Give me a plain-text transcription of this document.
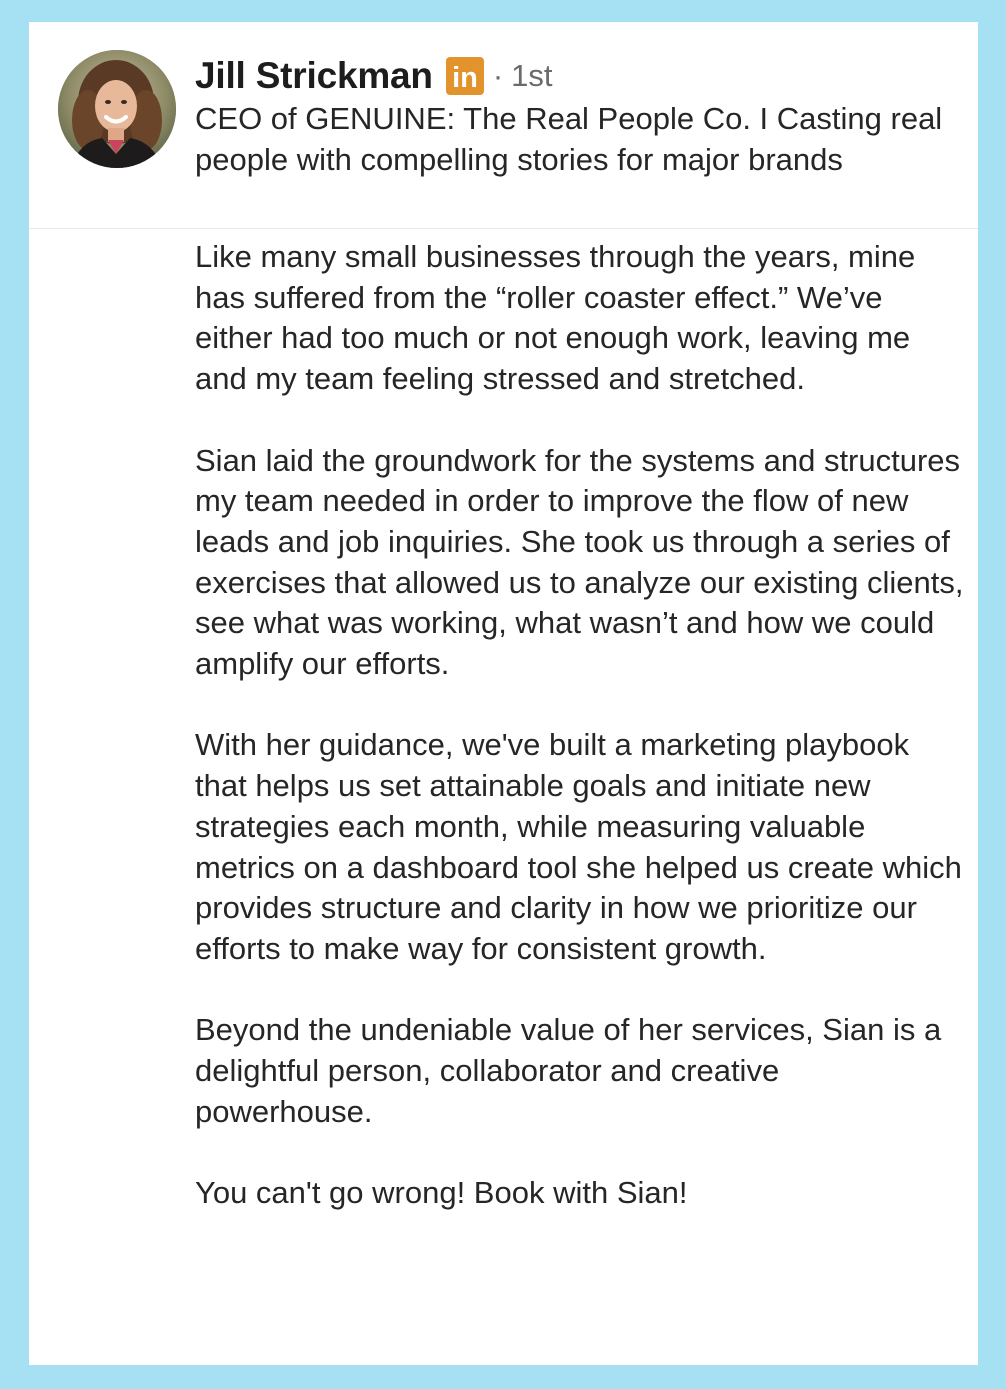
Jill Strickman in · 1st
CEO of GENUINE: The Real People Co. I Casting real people with compelling stories for major brands

Like many small businesses through the years, mine has suffered from the “roller coaster effect.” We’ve either had too much or not enough work, leaving me and my team feeling stressed and stretched.

Sian laid the groundwork for the systems and structures my team needed in order to improve the flow of new leads and job inquiries. She took us through a series of exercises that allowed us to analyze our existing clients, see what was working, what wasn’t and how we could amplify our efforts.

With her guidance, we've built a marketing playbook that helps us set attainable goals and initiate new strategies each month, while measuring valuable metrics on a dashboard tool she helped us create which provides structure and clarity in how we prioritize our efforts to make way for consistent growth.

Beyond the undeniable value of her services, Sian is a delightful person, collaborator and creative powerhouse.

You can't go wrong! Book with Sian!
